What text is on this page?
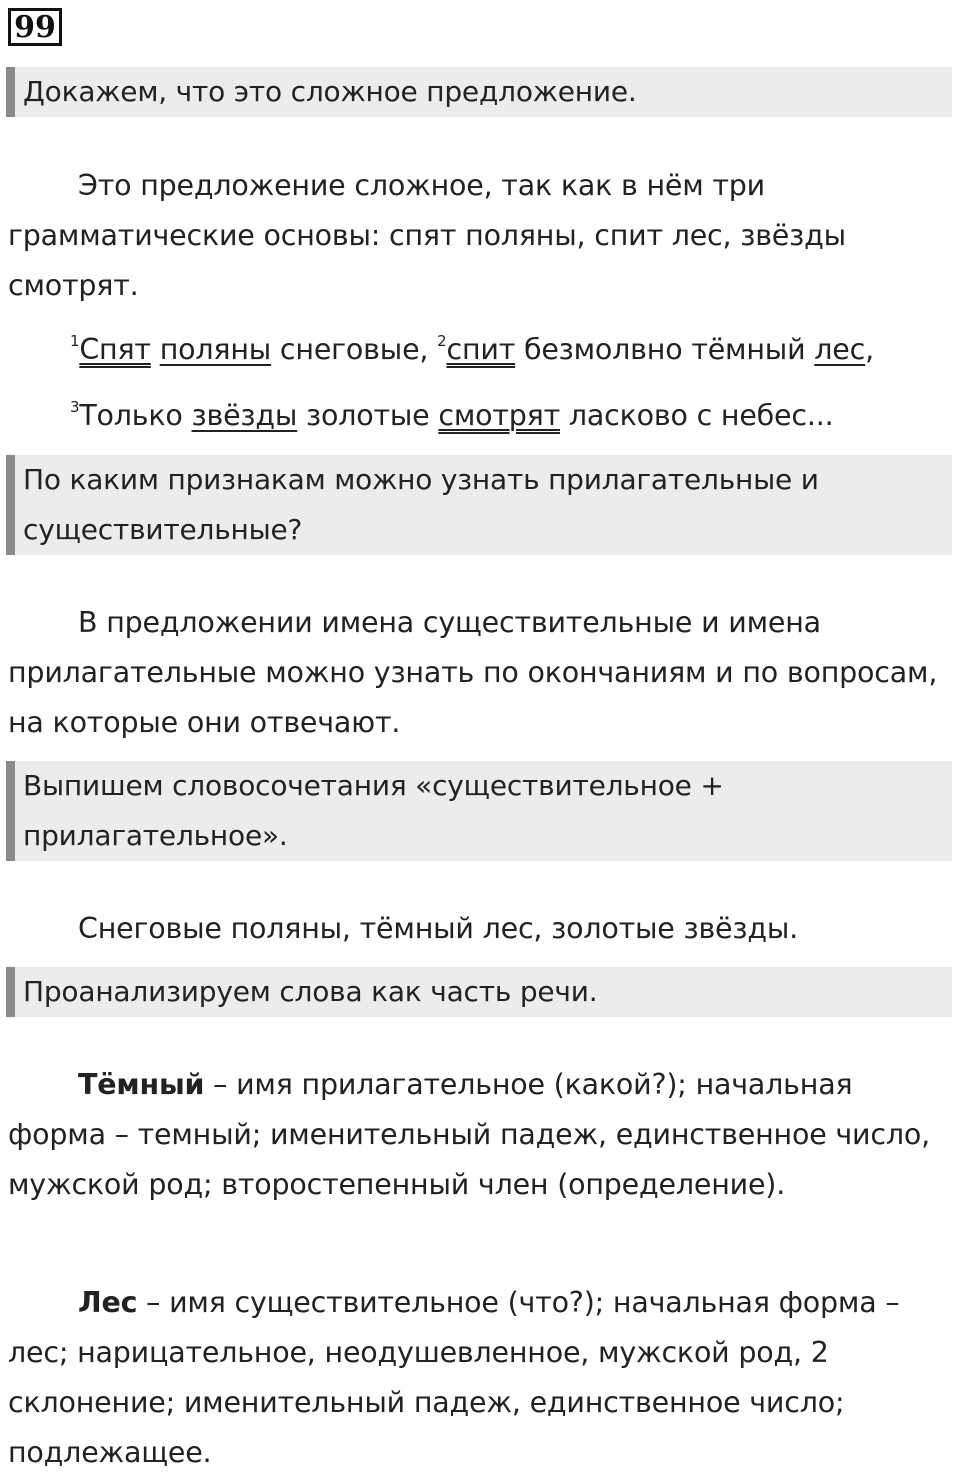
99
Докажем, что это сложное предложение.
Это предложение сложное, так как в нём три грамматические основы: спят поляны, спит лес, звёзды смотрят.
$^1$Спят поляны снеговые, $^2$спит безмолвно тёмный лес,
$^3$Только звёзды золотые смотрят ласково с небес...
По каким признакам можно узнать прилагательные и существительные?
В предложении имена существительные и имена прилагательные можно узнать по окончаниям и по вопросам, на которые они отвечают.
Выпишем словосочетания «существительное + прилагательное».
Снеговые поляны, тёмный лес, золотые звёзды.
Проанализируем слова как часть речи.
Тёмный – имя прилагательное (какой?); начальная форма – темный; именительный падеж, единственное число, мужской род; второстепенный член (определение).
Лес – имя существительное (что?); начальная форма – лес; нарицательное, неодушевленное, мужской род, 2 склонение; именительный падеж, единственное число; подлежащее.
